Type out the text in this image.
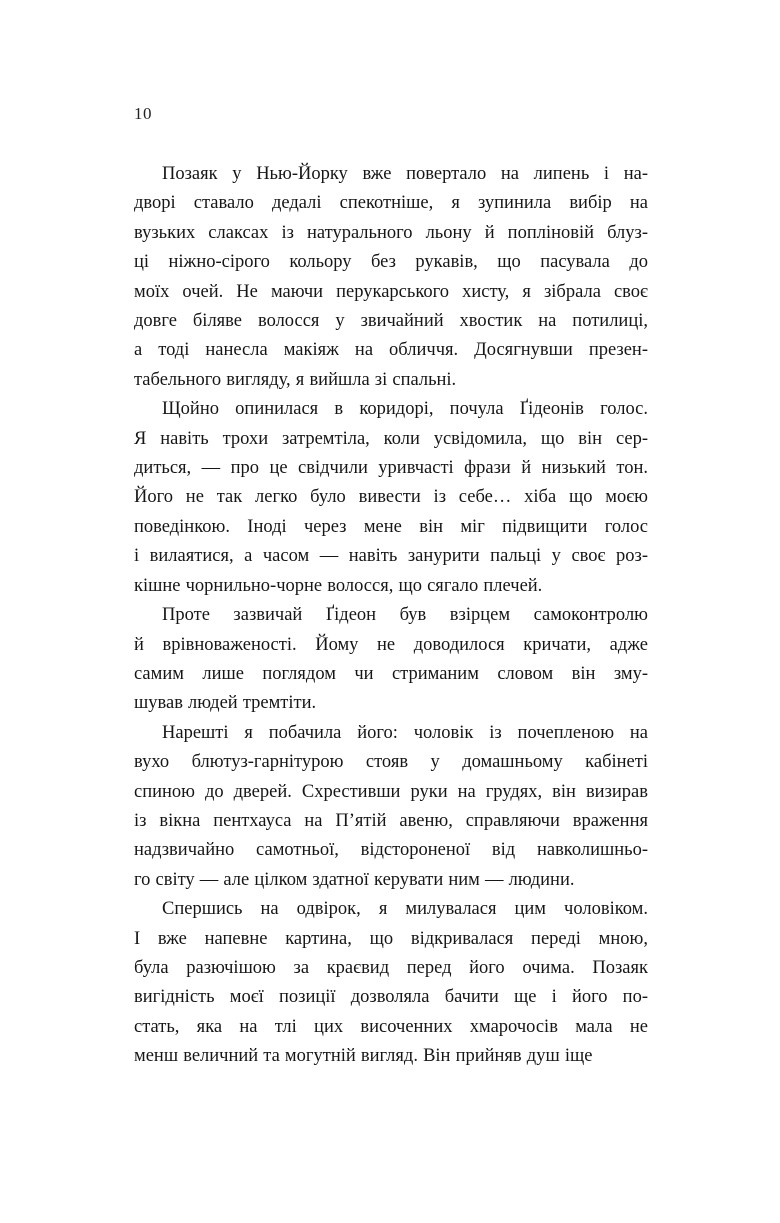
10
Позаяк у Нью-Йорку вже повертало на липень і на-
дворі ставало дедалі спекотніше, я зупинила вибір на
вузьких слаксах із натурального льону й попліновій блуз-
ці ніжно-сірого кольору без рукавів, що пасувала до
моїх очей. Не маючи перукарського хисту, я зібрала своє
довге біляве волосся у звичайний хвостик на потилиці,
а тоді нанесла макіяж на обличчя. Досягнувши презен-
табельного вигляду, я вийшла зі спальні.
Щойно опинилася в коридорі, почула Ґідеонів голос.
Я навіть трохи затремтіла, коли усвідомила, що він сер-
диться, — про це свідчили уривчасті фрази й низький тон.
Його не так легко було вивести із себе… хіба що моєю
поведінкою. Іноді через мене він міг підвищити голос
і вилаятися, а часом — навіть занурити пальці у своє роз-
кішне чорнильно-чорне волосся, що сягало плечей.
Проте зазвичай Ґідеон був взірцем самоконтролю
й врівноваженості. Йому не доводилося кричати, адже
самим лише поглядом чи стриманим словом він зму-
шував людей тремтіти.
Нарешті я побачила його: чоловік із почепленою на
вухо блютуз-гарнітурою стояв у домашньому кабінеті
спиною до дверей. Схрестивши руки на грудях, він визирав
із вікна пентхауса на П’ятій авеню, справляючи враження
надзвичайно самотньої, відстороненої від навколишньо-
го світу — але цілком здатної керувати ним — людини.
Спершись на одвірок, я милувалася цим чоловіком.
І вже напевне картина, що відкривалася переді мною,
була разючішою за краєвид перед його очима. Позаяк
вигідність моєї позиції дозволяла бачити ще і його по-
стать, яка на тлі цих височенних хмарочосів мала не
менш величний та могутній вигляд. Він прийняв душ іще
